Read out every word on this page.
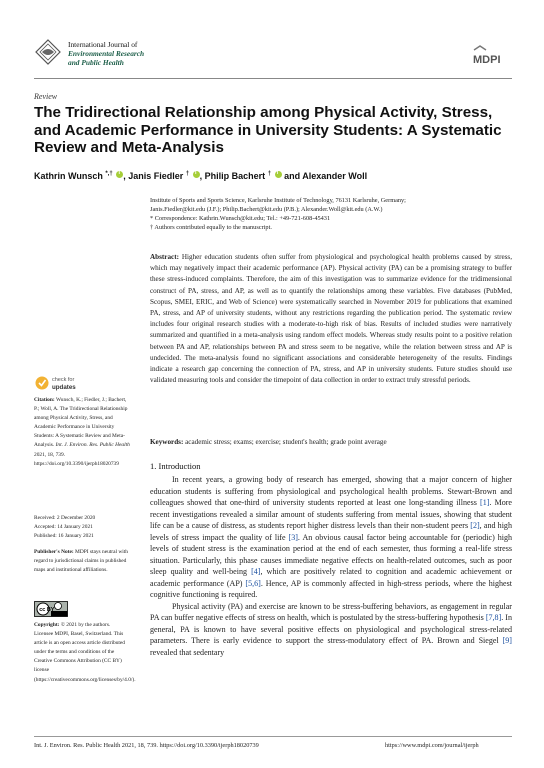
International Journal of
Environmental Research
and Public Health	MDPI
Review
The Tridirectional Relationship among Physical Activity, Stress, and Academic Performance in University Students: A Systematic Review and Meta-Analysis
Kathrin Wunsch *,† i , Janis Fiedler † i , Philip Bachert † i and Alexander Woll
Institute of Sports and Sports Science, Karlsruhe Institute of Technology, 76131 Karlsruhe, Germany;
Janis.Fiedler@kit.edu (J.F.); Philip.Bachert@kit.edu (P.B.); Alexander.Woll@kit.edu (A.W.)
* Correspondence: Kathrin.Wunsch@kit.edu; Tel.: +49-721-608-45431
† Authors contributed equally to the manuscript.
Abstract: Higher education students often suffer from physiological and psychological health problems caused by stress, which may negatively impact their academic performance (AP). Physical activity (PA) can be a promising strategy to buffer these stress-induced complaints. Therefore, the aim of this investigation was to summarize evidence for the tridimensional construct of PA, stress, and AP, as well as to quantify the relationships among these variables. Five databases (PubMed, Scopus, SMEI, ERIC, and Web of Science) were systematically searched in November 2019 for publications that examined PA, stress, and AP of university students, without any restrictions regarding the publication period. The systematic review includes four original research studies with a moderate-to-high risk of bias. Results of included studies were narratively summarized and quantified in a meta-analysis using random effect models. Whereas study results point to a positive relation between PA and AP, relationships between PA and stress seem to be negative, while the relation between stress and AP is undecided. The meta-analysis found no significant associations and considerable heterogeneity of the results. Findings indicate a research gap concerning the connection of PA, stress, and AP in university students. Future studies should use validated measuring tools and consider the timepoint of data collection in order to extract truly stressful periods.
Keywords: academic stress; exams; exercise; student's health; grade point average
check for
updates
Citation: Wunsch, K.; Fiedler, J.; Bachert, P.; Woll, A. The Tridirectional Relationship among Physical Activity, Stress, and Academic Performance in University Students: A Systematic Review and Meta-Analysis. Int. J. Environ. Res. Public Health 2021, 18, 739. https://doi.org/10.3390/ijerph18020739
Received: 2 December 2020
Accepted: 14 January 2021
Published: 16 January 2021
Publisher's Note: MDPI stays neutral with regard to jurisdictional claims in published maps and institutional affiliations.
cc BY
Copyright: © 2021 by the authors. Licensee MDPI, Basel, Switzerland. This article is an open access article distributed under the terms and conditions of the Creative Commons Attribution (CC BY) license (https://creativecommons.org/licenses/by/4.0/).
1. Introduction

In recent years, a growing body of research has emerged, showing that a major concern of higher education students is suffering from physiological and psychological health problems. Stewart-Brown and colleagues showed that one-third of university students reported at least one long-standing illness [1]. More recent investigations revealed a similar amount of students suffering from mental issues, showing that student life can be a cause of distress, as students report higher distress levels than their non-student peers [2], and high levels of stress impact the quality of life [3]. An obvious causal factor being accountable for (periodic) high levels of student stress is the examination period at the end of each semester, thus forming a real-life stress situation. Particularly, this phase causes immediate negative effects on health-related outcomes, such as poor sleep quality and well-being [4], which are positively related to cognition and academic achievement or academic performance (AP) [5,6]. Hence, AP is commonly affected in high-stress periods, where the highest cognitive functioning is required.

Physical activity (PA) and exercise are known to be stress-buffering behaviors, as engagement in regular PA can buffer negative effects of stress on health, which is postulated by the stress-buffering hypothesis [7,8]. In general, PA is known to have several positive effects on physiological and psychological stress-related parameters. There is early evidence to support the stress-modulatory effect of PA. Brown and Siegel [9] revealed that sedentary

Int. J. Environ. Res. Public Health 2021, 18, 739. https://doi.org/10.3390/ijerph18020739	https://www.mdpi.com/journal/ijerph
